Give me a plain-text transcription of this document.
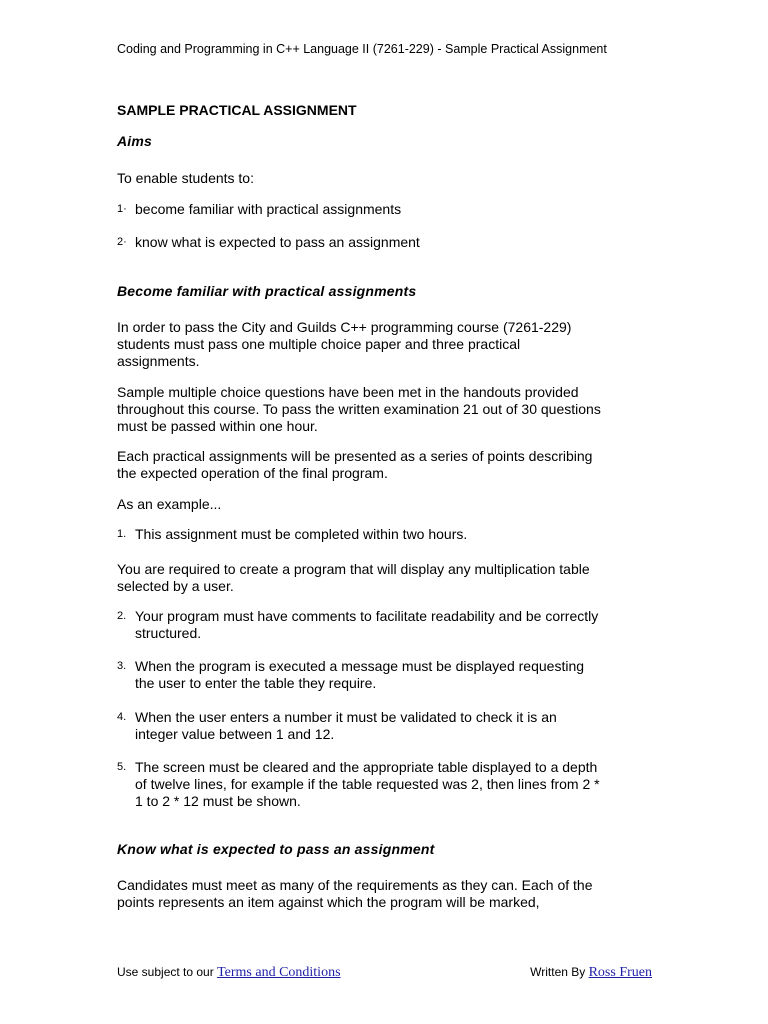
Coding and Programming in C++ Language II (7261-229) - Sample Practical Assignment
SAMPLE PRACTICAL ASSIGNMENT
Aims
To enable students to:
1· become familiar with practical assignments
2· know what is expected to pass an assignment
Become familiar with practical assignments
In order to pass the City and Guilds C++ programming course (7261-229)
students must pass one multiple choice paper and three practical
assignments.
Sample multiple choice questions have been met in the handouts provided
throughout this course. To pass the written examination 21 out of 30 questions
must be passed within one hour.
Each practical assignments will be presented as a series of points describing
the expected operation of the final program.
As an example...
1. This assignment must be completed within two hours.
You are required to create a program that will display any multiplication table
selected by a user.
2. Your program must have comments to facilitate readability and be correctly
structured.
3. When the program is executed a message must be displayed requesting
the user to enter the table they require.
4. When the user enters a number it must be validated to check it is an
integer value between 1 and 12.
5. The screen must be cleared and the appropriate table displayed to a depth
of twelve lines, for example if the table requested was 2, then lines from 2 *
1 to 2 * 12 must be shown.
Know what is expected to pass an assignment
Candidates must meet as many of the requirements as they can. Each of the
points represents an item against which the program will be marked,
Use subject to our Terms and Conditions	Written By Ross Fruen
